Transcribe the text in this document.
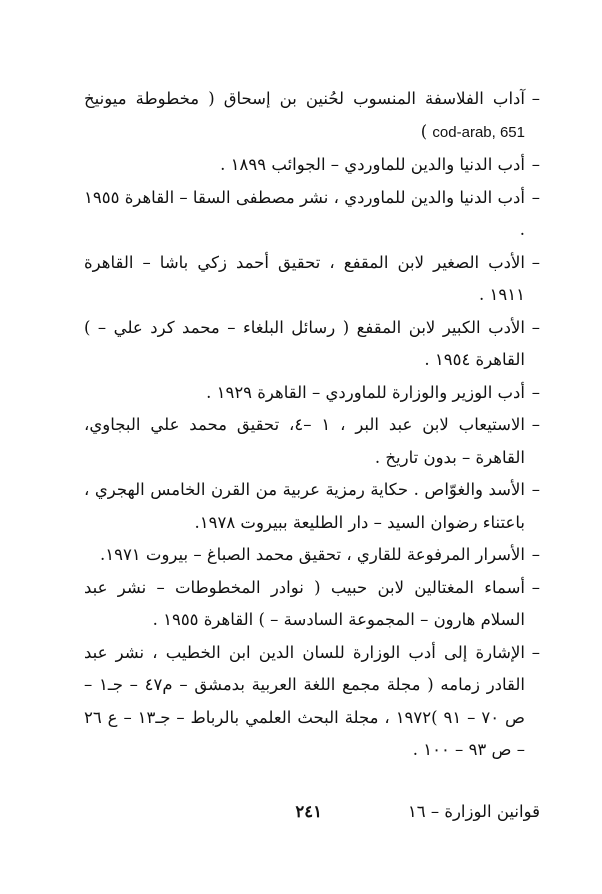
–
آداب الفلاسفة المنسوب لحُنين بن إسحاق ( مخطوطة ميونيخ cod-arab, 651 )

–
أدب الدنيا والدين للماوردي – الجوائب ١٨٩٩ .

–
أدب الدنيا والدين للماوردي ، نشر مصطفى السقا – القاهرة ١٩٥٥ .

–
الأدب الصغير لابن المقفع ، تحقيق أحمد زكي باشا – القاهرة ١٩١١ .

–
الأدب الكبير لابن المقفع ( رسائل البلغاء – محمد كرد علي – ) القاهرة ١٩٥٤ .

–
أدب الوزير والوزارة للماوردي – القاهرة ١٩٢٩ .

–
الاستيعاب لابن عبد البر ، ١ –٤، تحقيق محمد علي البجاوي، القاهرة – بدون تاريخ .

–
الأسد والغوّاص . حكاية رمزية عربية من القرن الخامس الهجري ، باعتناء رضوان السيد – دار الطليعة ببيروت ١٩٧٨.

–
الأسرار المرفوعة للقاري ، تحقيق محمد الصباغ – بيروت ١٩٧١.

–
أسماء المغتالين لابن حبيب ( نوادر المخطوطات – نشر عبد السلام هارون – المجموعة السادسة – ) القاهرة ١٩٥٥ .

–
الإشارة إلى أدب الوزارة للسان الدين ابن الخطيب ، نشر عبد القادر زمامه ( مجلة مجمع اللغة العربية بدمشق – م٤٧ – جـ١ – ص ٧٠ – ٩١ )١٩٧٢ ، مجلة البحث العلمي بالرباط – جـ١٣ – ع ٢٦ – ص ٩٣ – ١٠٠ .

قوانين الوزارة – ١٦
٢٤١
